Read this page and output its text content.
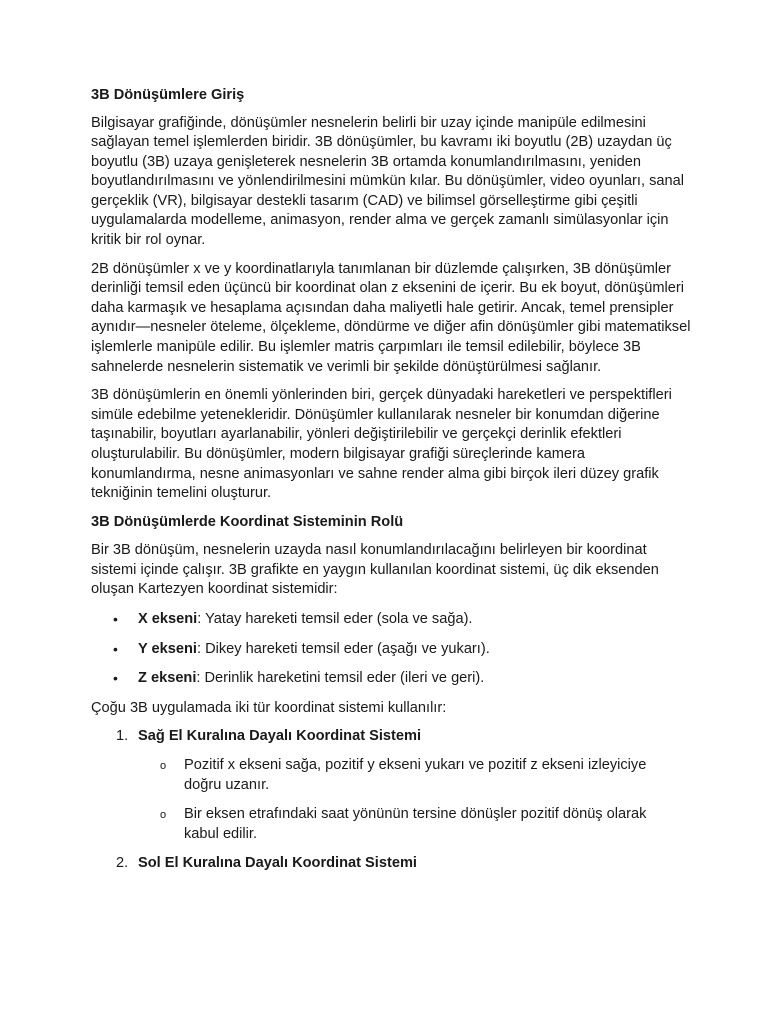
3B Dönüşümlere Giriş

Bilgisayar grafiğinde, dönüşümler nesnelerin belirli bir uzay içinde manipüle edilmesini sağlayan temel işlemlerden biridir. 3B dönüşümler, bu kavramı iki boyutlu (2B) uzaydan üç boyutlu (3B) uzaya genişleterek nesnelerin 3B ortamda konumlandırılmasını, yeniden boyutlandırılmasını ve yönlendirilmesini mümkün kılar. Bu dönüşümler, video oyunları, sanal gerçeklik (VR), bilgisayar destekli tasarım (CAD) ve bilimsel görselleştirme gibi çeşitli uygulamalarda modelleme, animasyon, render alma ve gerçek zamanlı simülasyonlar için kritik bir rol oynar.

2B dönüşümler x ve y koordinatlarıyla tanımlanan bir düzlemde çalışırken, 3B dönüşümler derinliği temsil eden üçüncü bir koordinat olan z eksenini de içerir. Bu ek boyut, dönüşümleri daha karmaşık ve hesaplama açısından daha maliyetli hale getirir. Ancak, temel prensipler aynıdır—nesneler öteleme, ölçekleme, döndürme ve diğer afin dönüşümler gibi matematiksel işlemlerle manipüle edilir. Bu işlemler matris çarpımları ile temsil edilebilir, böylece 3B sahnelerde nesnelerin sistematik ve verimli bir şekilde dönüştürülmesi sağlanır.

3B dönüşümlerin en önemli yönlerinden biri, gerçek dünyadaki hareketleri ve perspektifleri simüle edebilme yetenekleridir. Dönüşümler kullanılarak nesneler bir konumdan diğerine taşınabilir, boyutları ayarlanabilir, yönleri değiştirilebilir ve gerçekçi derinlik efektleri oluşturulabilir. Bu dönüşümler, modern bilgisayar grafiği süreçlerinde kamera konumlandırma, nesne animasyonları ve sahne render alma gibi birçok ileri düzey grafik tekniğinin temelini oluşturur.

3B Dönüşümlerde Koordinat Sisteminin Rolü

Bir 3B dönüşüm, nesnelerin uzayda nasıl konumlandırılacağını belirleyen bir koordinat sistemi içinde çalışır. 3B grafikte en yaygın kullanılan koordinat sistemi, üç dik eksenden oluşan Kartezyen koordinat sistemidir:

• X ekseni: Yatay hareketi temsil eder (sola ve sağa).
• Y ekseni: Dikey hareketi temsil eder (aşağı ve yukarı).
• Z ekseni: Derinlik hareketini temsil eder (ileri ve geri).

Çoğu 3B uygulamada iki tür koordinat sistemi kullanılır:

1. Sağ El Kuralına Dayalı Koordinat Sistemi
o Pozitif x ekseni sağa, pozitif y ekseni yukarı ve pozitif z ekseni izleyiciye doğru uzanır.
o Bir eksen etrafındaki saat yönünün tersine dönüşler pozitif dönüş olarak kabul edilir.
2. Sol El Kuralına Dayalı Koordinat Sistemi
